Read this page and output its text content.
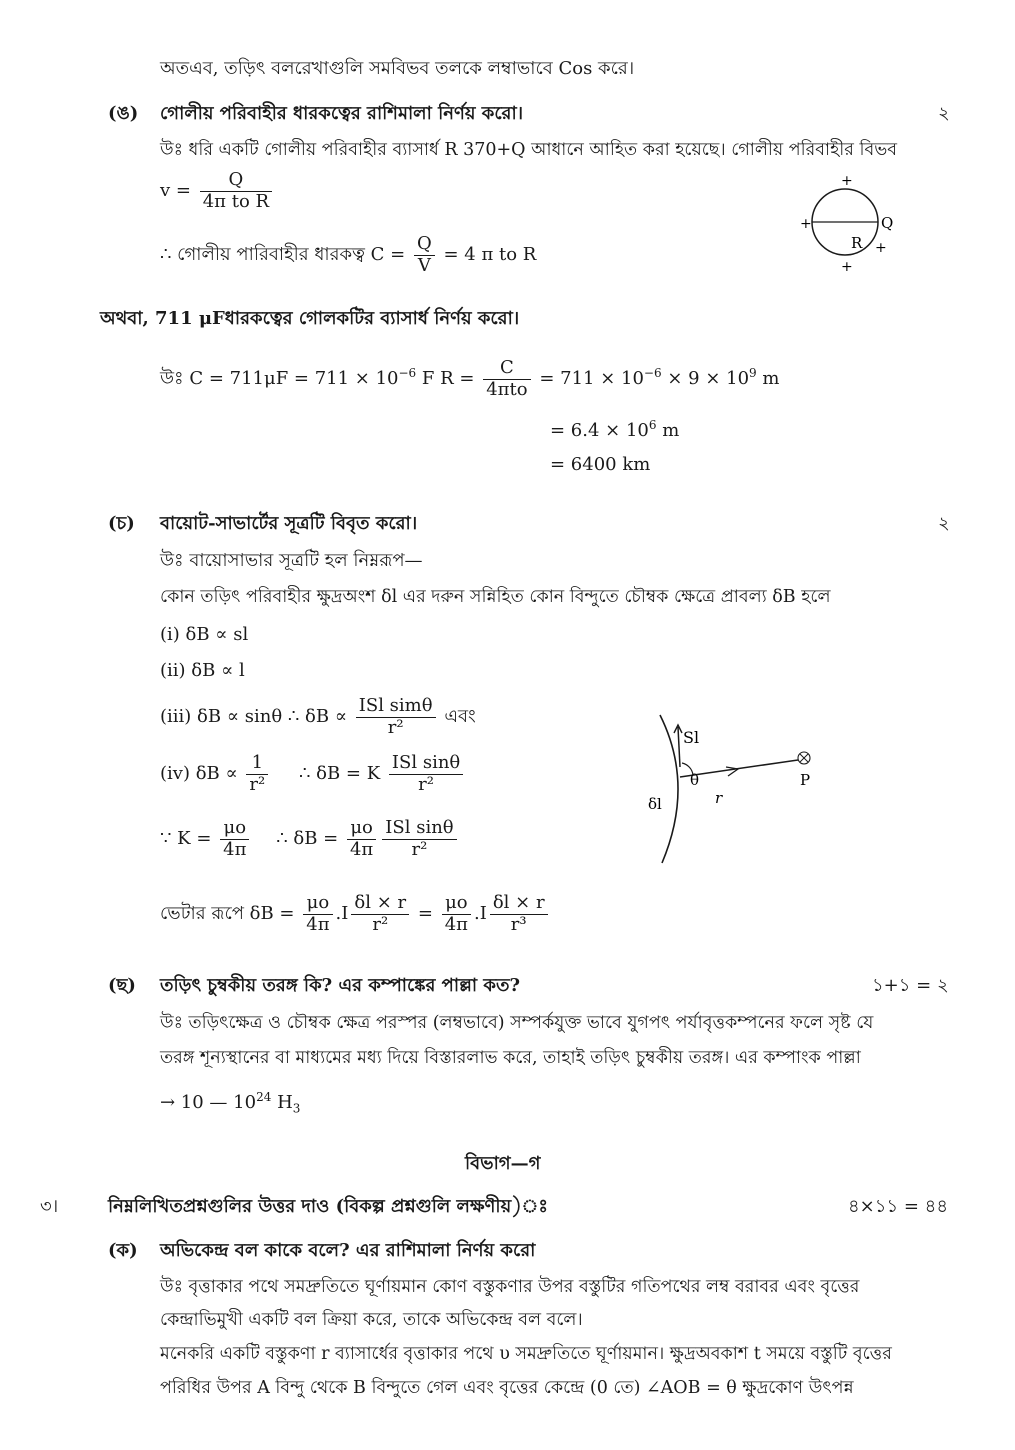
অতএব, তড়িৎ বলরেখাগুলি সমবিভব তলকে লম্বাভাবে Cos করে।
(ঙ) গোলীয় পরিবাহীর ধারকত্বের রাশিমালা নির্ণয় করো।	২
উঃ ধরি একটি গোলীয় পরিবাহীর ব্যাসার্ধ R 370+Q আধানে আহিত করা হয়েছে। গোলীয় পরিবাহীর বিভব
$v = \frac{Q}{\text{4π to R}}$
∴ গোলীয় পারিবাহীর ধারকত্ব $C = \frac{Q}{V} = 4$ π to R
+
+
+
+
Q
R
অথবা, 711 μFধারকত্বের গোলকটির ব্যাসার্ধ নির্ণয় করো।
উঃ $C = 711\mu F = 711 \times 10^{-6}$ F $R = \frac{C}{\text{4πto}} = 711 \times 10^{-6} \times 9 \times 10^9$ m
= $6.4 \times 10^6$ m
= 6400 km
(চ) বায়োট-সাভার্টের সূত্রটি বিবৃত করো।	২
উঃ বায়োসাভার সূত্রটি হল নিম্নরূপ—
কোন তড়িৎ পরিবাহীর ক্ষুদ্রঅংশ δl এর দরুন সন্নিহিত কোন বিন্দুতে চৌম্বক ক্ষেত্রে প্রাবল্য δB হলে
(i) δB ∝ sl
(ii) δB ∝ l
(iii) δB ∝ sinθ ∴ $\delta B \propto \frac{\text{ISl simθ}}{\text{r²}}$ এবং
(iv) $\delta B \propto \frac{1}{\text{r²}}$ ∴ δB = K $\frac{\text{ISl sinθ}}{\text{r²}}$
∵ $K = \frac{\mu o}{4\pi}$ ∴ $\delta B = \frac{\mu o}{4\pi} \frac{\text{ISl sinθ}}{\text{r²}}$
ভেটার রূপে $\delta B = \frac{\mu o}{4\pi} .I \frac{\delta l \times r}{\text{r²}} = \frac{\mu o}{4\pi} .I \frac{\delta l \times r}{\text{r³}}$
Sl
θ
r
δl
P
(ছ) তড়িৎ চুম্বকীয় তরঙ্গ কি? এর কম্পাঙ্কের পাল্লা কত?	১+১ = ২
উঃ তড়িৎক্ষেত্র ও চৌম্বক ক্ষেত্র পরস্পর (লম্বভাবে) সম্পর্কযুক্ত ভাবে যুগপৎ পর্যাবৃত্তকম্পনের ফলে সৃষ্ট যে
তরঙ্গ শূন্যস্থানের বা মাধ্যমের মধ্য দিয়ে বিস্তারলাভ করে, তাহাই তড়িৎ চুম্বকীয় তরঙ্গ। এর কম্পাংক পাল্লা
→ 10 — $10^{24}$ $H_3$
বিভাগ—গ
৩।	নিম্নলিখিতপ্রশ্নগুলির উত্তর দাও (বিকল্প প্রশ্নগুলি লক্ষণীয়)ঃ	৪×১১ = ৪৪
(ক) অভিকেন্দ্র বল কাকে বলে? এর রাশিমালা নির্ণয় করো
উঃ বৃত্তাকার পথে সমদ্রুতিতে ঘূর্ণায়মান কোণ বস্তুকণার উপর বস্তুটির গতিপথের লম্ব বরাবর এবং বৃত্তের
কেন্দ্রাভিমুখী একটি বল ক্রিয়া করে, তাকে অভিকেন্দ্র বল বলে।
মনেকরি একটি বস্তুকণা r ব্যাসার্ধের বৃত্তাকার পথে υ সমদ্রুতিতে ঘূর্ণায়মান। ক্ষুদ্রঅবকাশ t সময়ে বস্তুটি বৃত্তের
পরিধির উপর A বিন্দু থেকে B বিন্দুতে গেল এবং বৃত্তের কেন্দ্রে (0 তে) ∠AOB = θ ক্ষুদ্রকোণ উৎপন্ন
